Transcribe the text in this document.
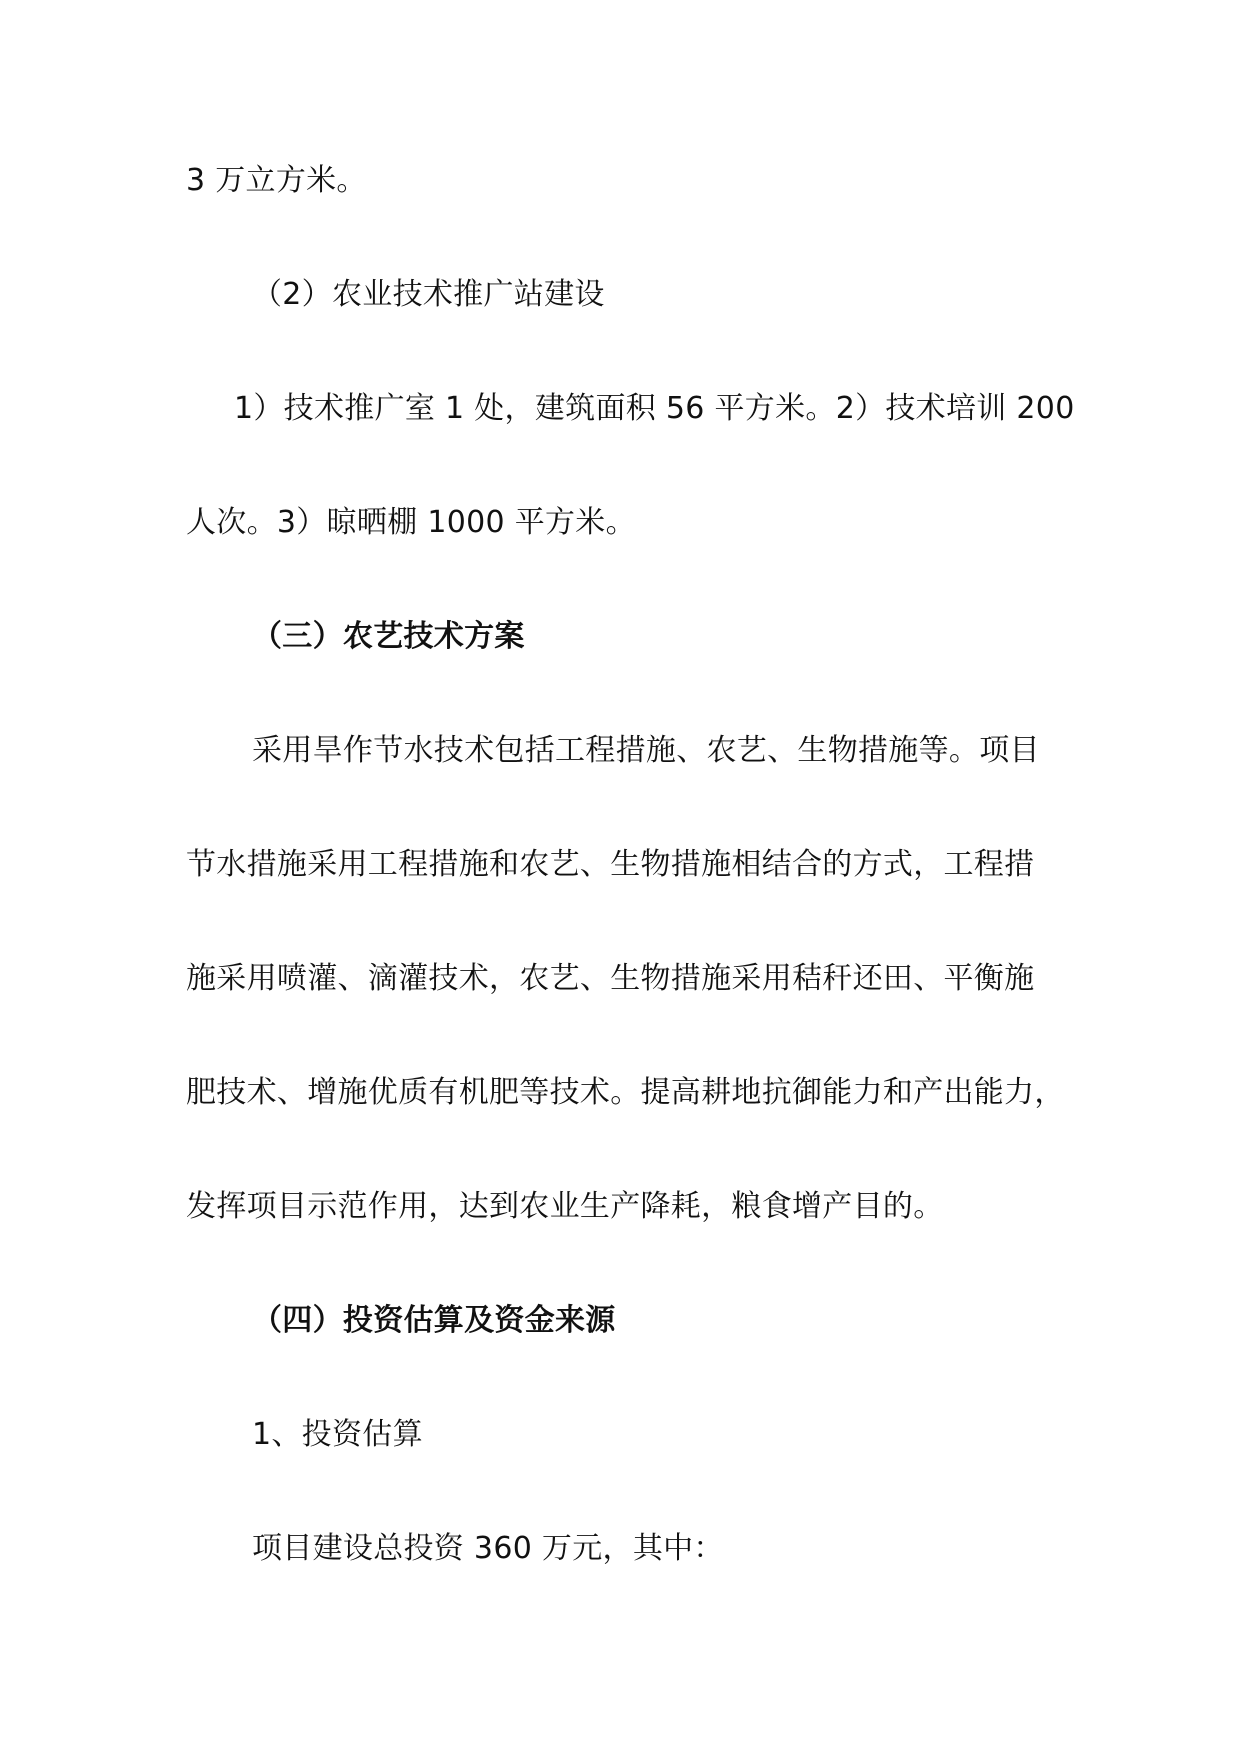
3 万立方米。
（2）农业技术推广站建设
1）技术推广室 1 处，建筑面积 56 平方米。2）技术培训 200
人次。3）晾晒棚 1000 平方米。
（三）农艺技术方案
采用旱作节水技术包括工程措施、农艺、生物措施等。项目
节水措施采用工程措施和农艺、生物措施相结合的方式，工程措
施采用喷灌、滴灌技术，农艺、生物措施采用秸秆还田、平衡施
肥技术、增施优质有机肥等技术。提高耕地抗御能力和产出能力，
发挥项目示范作用，达到农业生产降耗，粮食增产目的。
（四）投资估算及资金来源
1、投资估算
项目建设总投资 360 万元，其中：
